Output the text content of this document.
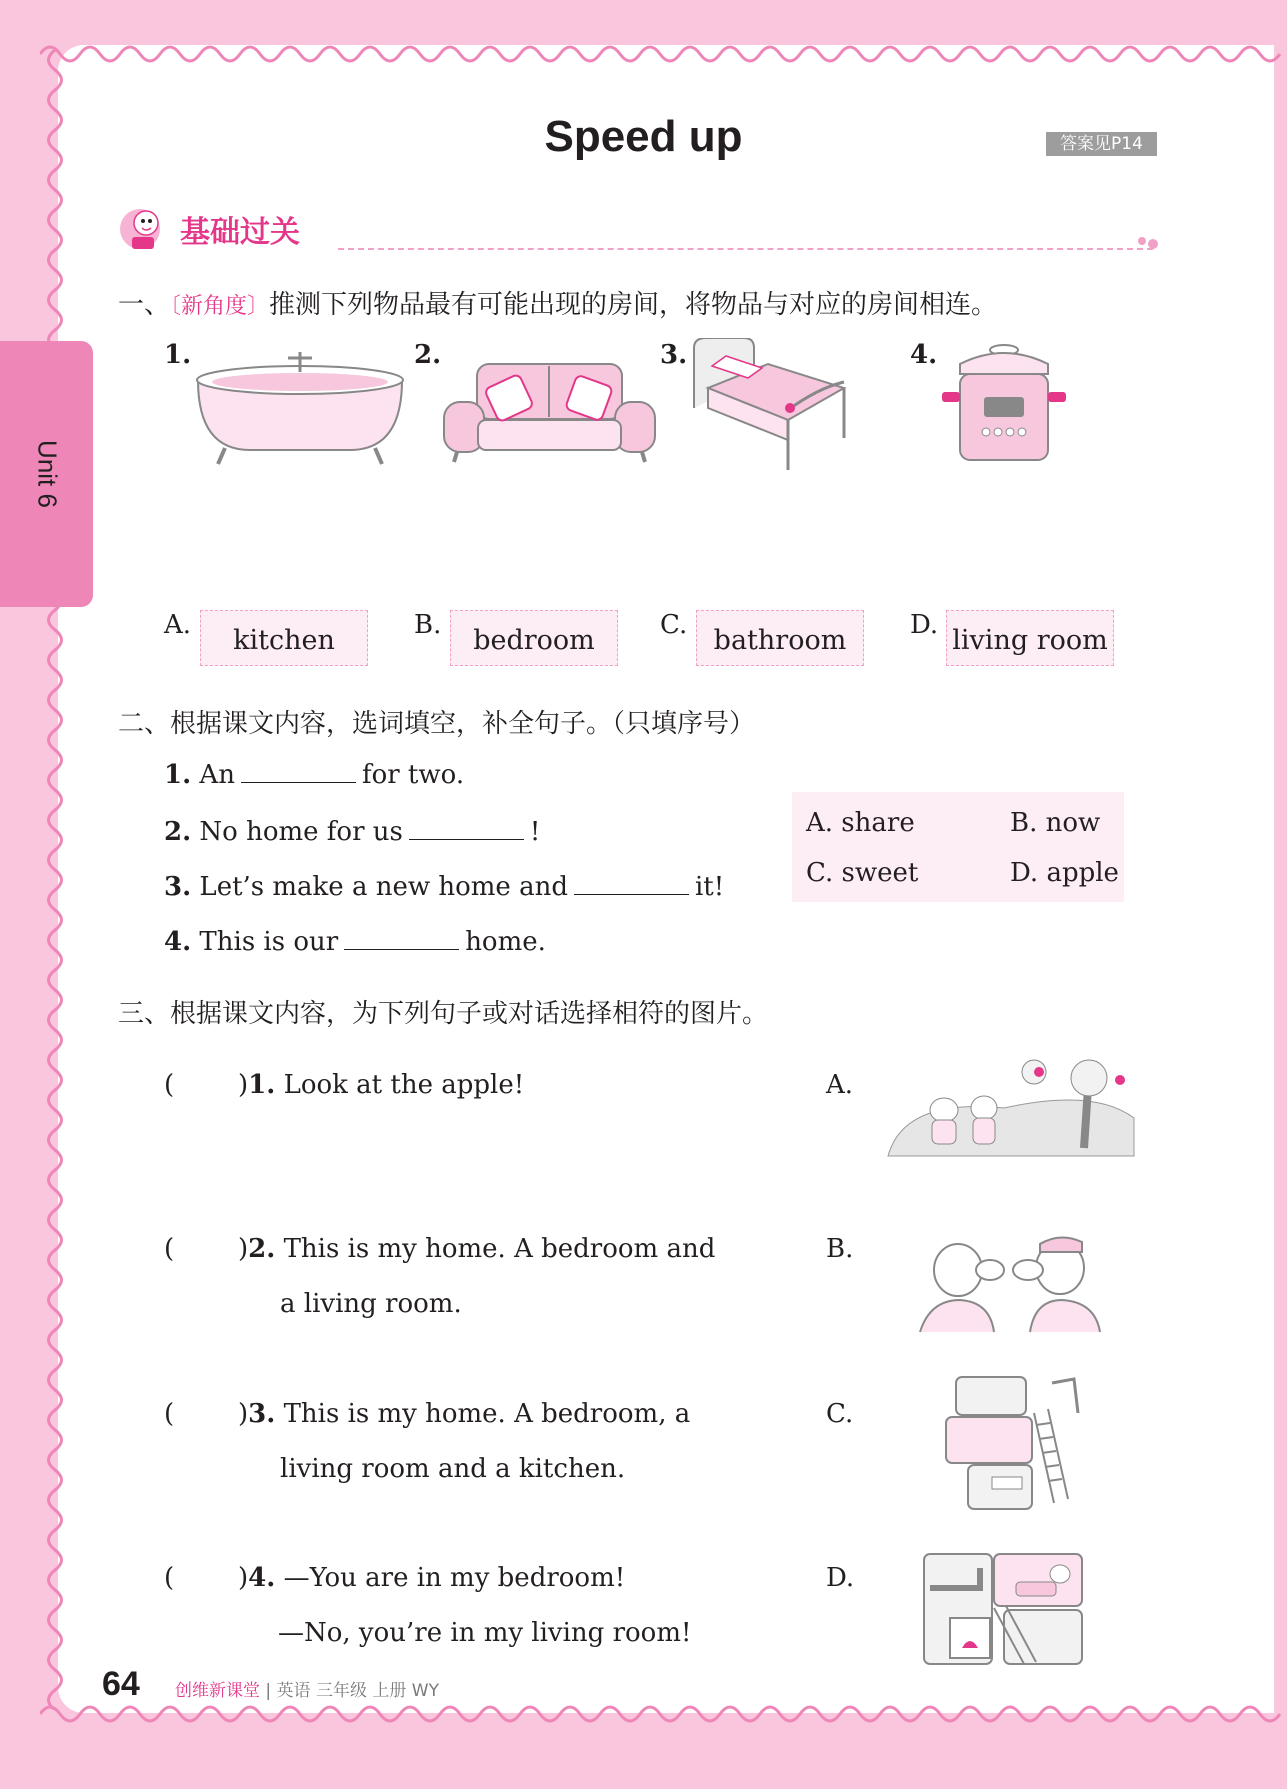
Unit 6
Speed up	答案见P14
基础过关
一、〔新角度〕推测下列物品最有可能出现的房间，将物品与对应的房间相连。
1.	2.	3.	4.
A.	kitchen	B.	bedroom	C. bathroom	D. living room
二、根据课文内容，选词填空，补全句子。（只填序号）
1. An	for two.
2. No home for us	!
3. Let’s make a new home and	it!
4. This is our	home.
A. share	B. now
C. sweet	D. apple
三、根据课文内容，为下列句子或对话选择相符的图片。
( )1. Look at the apple!	A.
( )2. This is my home. A bedroom and
a living room.
B.
( )3. This is my home. A bedroom, a
living room and a kitchen.
C.
( )4. —You are in my bedroom!
—No, you’re in my living room!
D.
64 创维新课堂 | 英语 三年级 上册 WY
